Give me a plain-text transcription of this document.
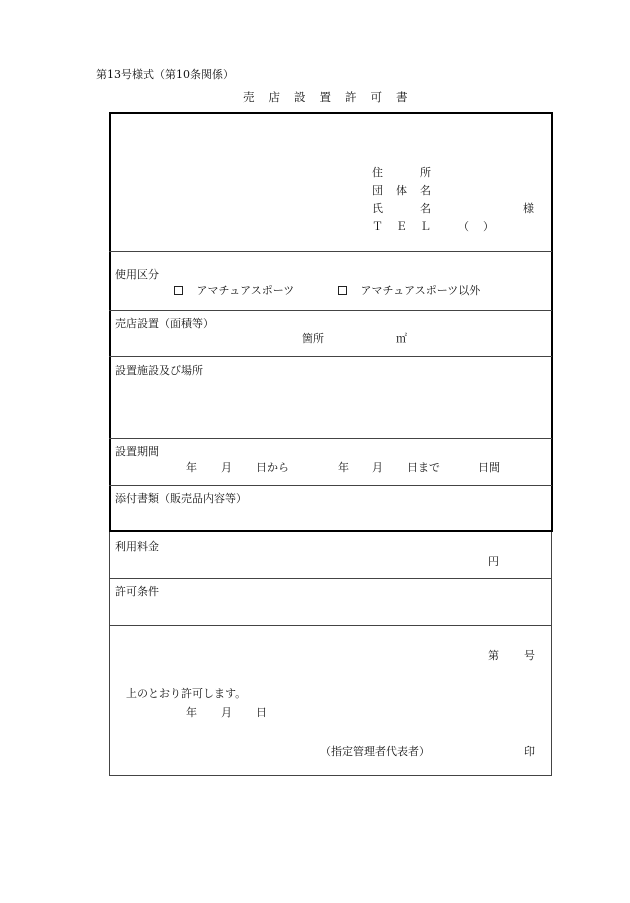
第13号様式（第10条関係）
売 店 設 置 許 可 書
住	所
団 体 名
氏	名	様
Ｔ Ｅ Ｌ （ ）
使用区分
アマチュアスポーツ	アマチュアスポーツ以外
売店設置（面積等）
箇所	㎡
設置施設及び場所
設置期間
年 月 日から	年 月 日まで	日間
添付書類（販売品内容等）
利用料金
円
許可条件
第 号
上のとおり許可します。
年 月 日
（指定管理者代表者）	印
